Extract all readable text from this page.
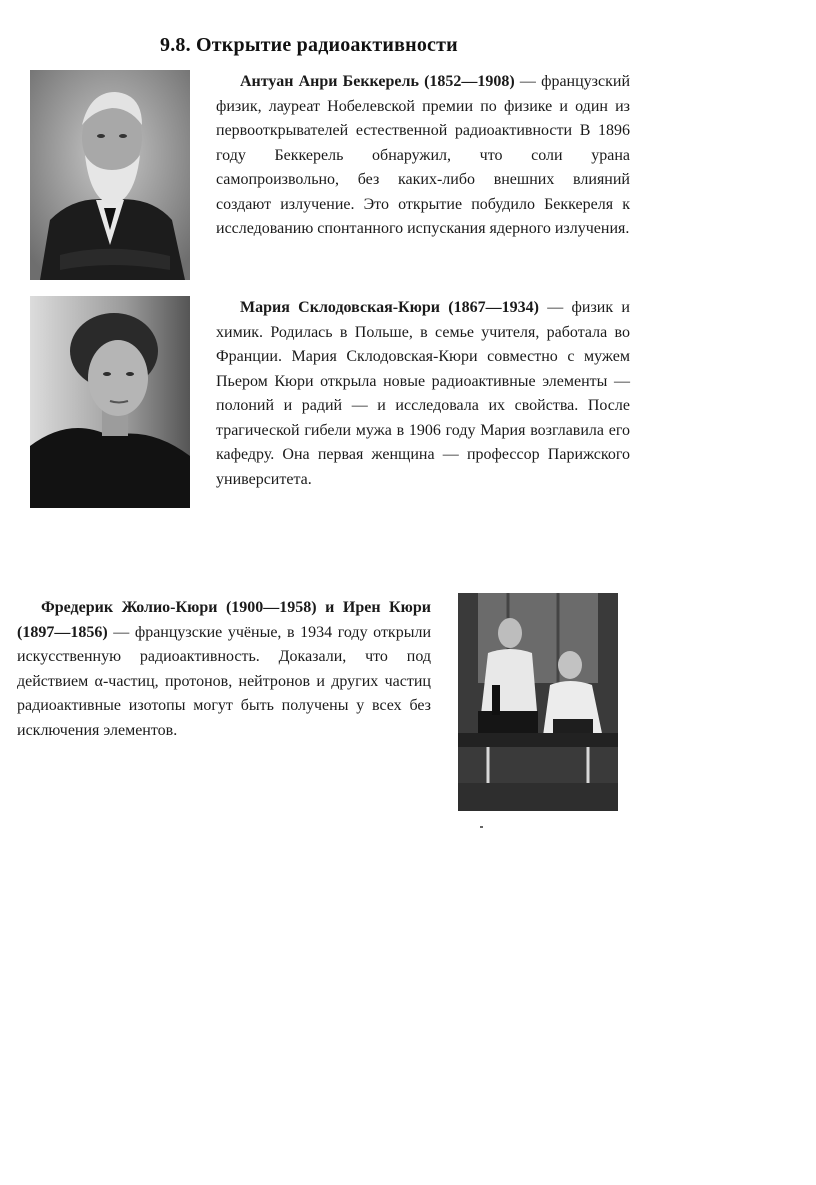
9.8. Открытие радиоактивности

Антуан Анри Беккерель (1852—1908) — французский физик, лауреат Нобелевской премии по физике и один из первооткрывателей естественной радиоактивности В 1896 году Беккерель обнаружил, что соли урана самопроизвольно, без каких-либо внешних влияний создают излучение. Это открытие побудило Беккереля к исследованию спонтанного испускания ядерного излучения.

Мария Склодовская-Кюри (1867—1934) — физик и химик. Родилась в Польше, в семье учителя, работала во Франции. Мария Склодовская-Кюри совместно с мужем Пьером Кюри открыла новые радиоактивные элементы — полоний и радий — и исследовала их свойства. После трагической гибели мужа в 1906 году Мария возглавила его кафедру. Она первая женщина — профессор Парижского университета.

Фредерик Жолио-Кюри (1900—1958) и Ирен Кюри (1897—1856) — французские учёные, в 1934 году открыли искусственную радиоактивность. Доказали, что под действием α-частиц, протонов, нейтронов и других частиц радиоактивные изотопы могут быть получены у всех без исключения элементов.
